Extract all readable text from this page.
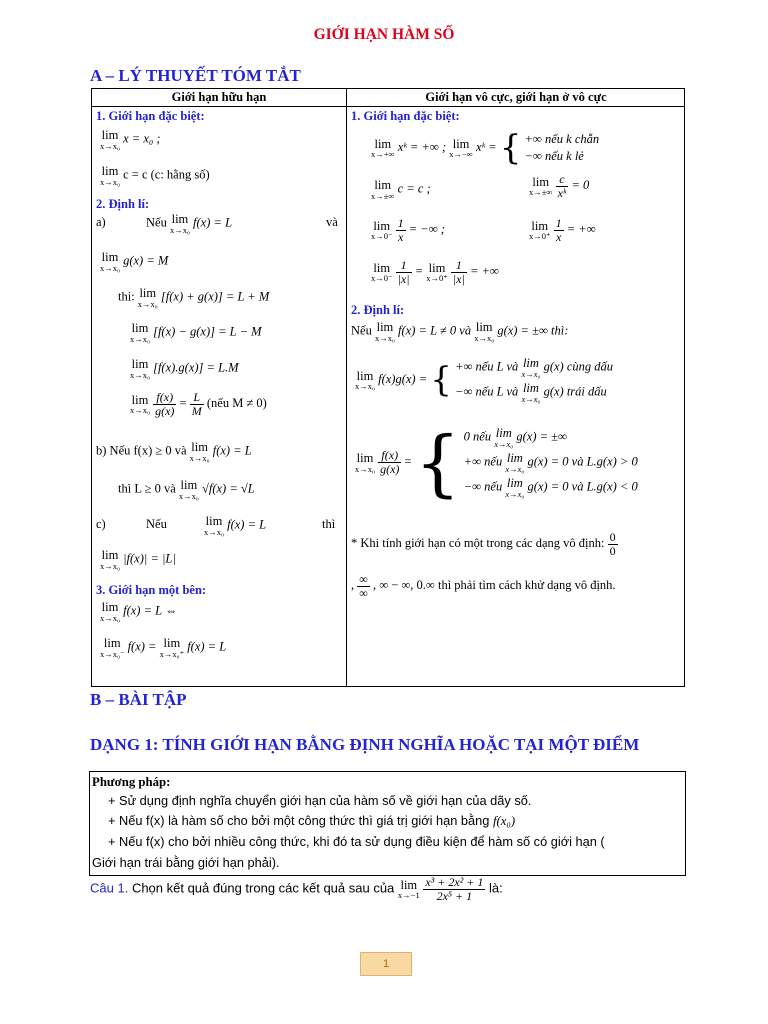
GIỚI HẠN HÀM SỐ
A – LÝ THUYẾT TÓM TẮT
Giới hạn hữu hạn	Giới hạn vô cực, giới hạn ở vô cực
1. Giới hạn đặc biệt:
lim
x→x₀
x = x₀ ;
lim
x→x₀
c = c (c: hằng số)
2. Định lí:
a)	Nếu lim
x→x₀
f(x) = L	và
lim
x→x₀
g(x) = M
thi: lim
x→x₀
[f(x) + g(x)] = L + M
lim
x→x₀
[f(x) − g(x)] = L − M
lim
x→x₀
[f(x).g(x)] = L.M
lim
x→x₀
$\frac{f(x)}{g(x)} = \frac{L}{M}$ (nếu M ≠ 0)
b) Nếu f(x) ≥ 0 và lim
x→x₀
f(x) = L
thì L ≥ 0 và lim
x→x₀
√f(x) = √L
c)	Nếu	lim
x→x₀
f(x) = L	thì
lim
x→x₀
|f(x)| = |L|
3. Giới hạn một bên:
lim
x→x₀
f(x) = L ⇔
lim
x→x₀⁻
f(x) = lim
x→x₀⁺
f(x) = L
1. Giới hạn đặc biệt:
lim
x→+∞
xᵏ = +∞ ; lim
x→−∞
xᵏ = { +∞ nếu k chẵn
−∞ nếu k lẻ
lim
x→±∞
c = c ;	lim
x→±∞
$\frac{c}{\text{xᵏ}} = 0$
lim
x→0⁻
$\frac{1}{x}$ = −∞ ;	lim
x→0⁺
$\frac{1}{x}$ = +∞
lim
x→0⁻
$\frac{1}{|x|} = \lim$
x→0⁺
$\frac{1}{|x|}$ = +∞
2. Định lí:
Nếu lim
x→x₀
f(x) = L ≠ 0 và lim
x→x₀
g(x) = ±∞ thì:
lim
x→x₀
f(x)g(x) = { +∞ nếu L và lim
x→x₀
g(x) cùng dấu
−∞ nếu L và lim
x→x₀
g(x) trái dấu
lim
x→x₀
$\frac{f(x)}{g(x)}$ = { 0 nếu lim
x→x₀
g(x) = ±∞
+∞ nếu lim
x→x₀
g(x) = 0 và L.g(x) > 0
−∞ nếu lim
x→x₀
g(x) = 0 và L.g(x) < 0
* Khi tính giới hạn có một trong các dạng vô định: $\frac{0}{0}$
, $\frac{\infty}{\infty}$ , ∞ − ∞, 0.∞ thì phải tìm cách khử dạng vô định.
B – BÀI TẬP
DẠNG 1: TÍNH GIỚI HẠN BẰNG ĐỊNH NGHĨA HOẶC TẠI MỘT ĐIỂM
Phương pháp:
+ Sử dụng định nghĩa chuyển giới hạn của hàm số về giới hạn của dãy số.
+ Nếu f(x) là hàm số cho bởi một công thức thì giá trị giới hạn bằng f(x₀)
+ Nếu f(x) cho bởi nhiều công thức, khi đó ta sử dụng điều kiện để hàm số có giới hạn (
Giới hạn trái bằng giới hạn phải).
Câu 1. Chọn kết quả đúng trong các kết quả sau của lim
x→−1
$\frac{\text{x³ + 2x² + 1}}{\text{2x⁵ + 1}}$ là:
1
